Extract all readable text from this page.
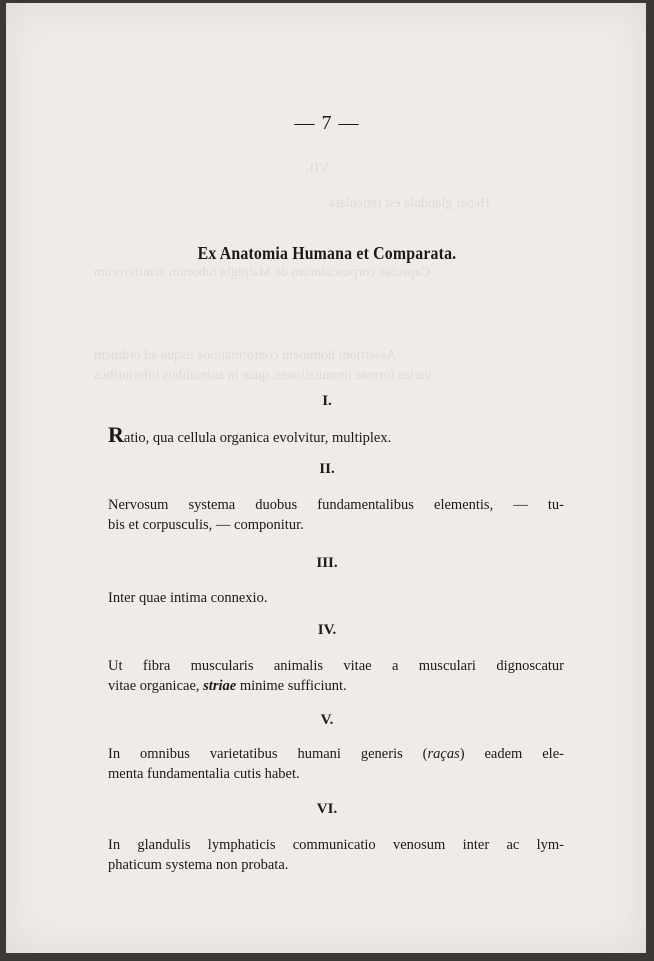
VII.
Hepar glandula est reticulata.
Capsulae corpusculorum de Malpighi tuborum uriniferorum
Assertioni hominem conformatione usque ad ordinem
varias formae immutationes, quae in animalibus inferioribus
— 7 —
Ex Anatomia Humana et Comparata.
I.
Ratio, qua cellula organica evolvitur, multiplex.
II.
Nervosum systema duobus fundamentalibus elementis, — tu-
bis et corpusculis, — componitur.
III.
Inter quae intima connexio.
IV.
Ut fibra muscularis animalis vitae a musculari dignoscatur
vitae organicae, striae minime sufficiunt.
V.
In omnibus varietatibus humani generis (raças) eadem ele-
menta fundamentalia cutis habet.
VI.
In glandulis lymphaticis communicatio venosum inter ac lym-
phaticum systema non probata.
